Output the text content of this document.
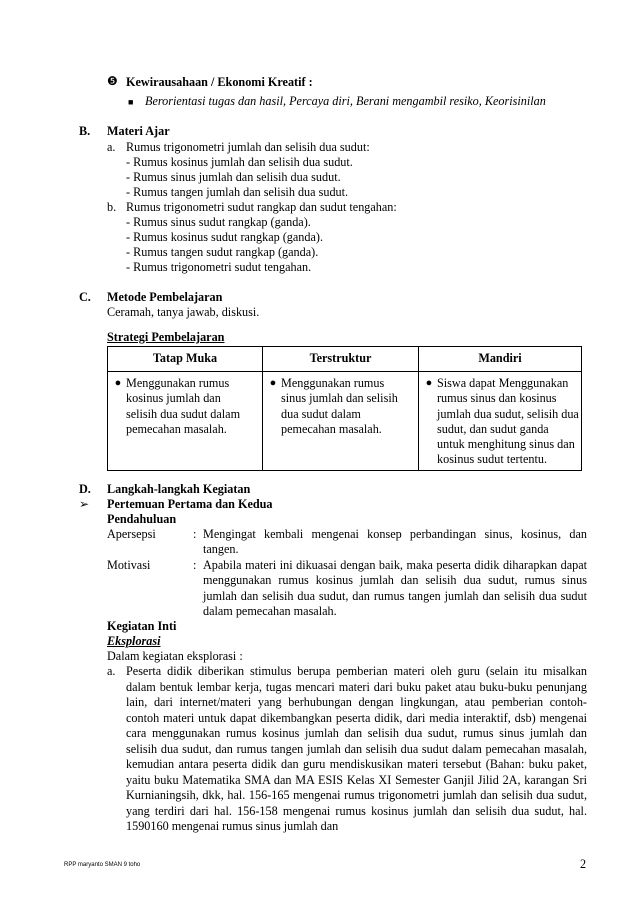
❺ Kewirausahaan / Ekonomi Kreatif :
■ Berorientasi tugas dan hasil, Percaya diri, Berani mengambil resiko, Keorisinilan
B. Materi Ajar
a. Rumus trigonometri jumlah dan selisih dua sudut:
- Rumus kosinus jumlah dan selisih dua sudut.
- Rumus sinus jumlah dan selisih dua sudut.
- Rumus tangen jumlah dan selisih dua sudut.
b. Rumus trigonometri sudut rangkap dan sudut tengahan:
- Rumus sinus sudut rangkap (ganda).
- Rumus kosinus sudut rangkap (ganda).
- Rumus tangen sudut rangkap (ganda).
- Rumus trigonometri sudut tengahan.
C. Metode Pembelajaran
Ceramah, tanya jawab, diskusi.
Strategi Pembelajaran
Tatap Muka	Terstruktur	Mandiri

● Menggunakan rumus kosinus jumlah dan selisih dua sudut dalam pemecahan masalah.	● Menggunakan rumus sinus jumlah dan selisih dua sudut dalam pemecahan masalah.	● Siswa dapat Menggunakan rumus sinus dan kosinus jumlah dua sudut, selisih dua sudut, dan sudut ganda untuk menghitung sinus dan kosinus sudut tertentu.
D. Langkah-langkah Kegiatan
➢ Pertemuan Pertama dan Kedua
Pendahuluan
Apersepsi	: Mengingat kembali mengenai konsep perbandingan sinus, kosinus, dan tangen.
Motivasi	: Apabila materi ini dikuasai dengan baik, maka peserta didik diharapkan dapat menggunakan rumus kosinus jumlah dan selisih dua sudut, rumus sinus jumlah dan selisih dua sudut, dan rumus tangen jumlah dan selisih dua sudut dalam pemecahan masalah.
Kegiatan Inti
Eksplorasi
Dalam kegiatan eksplorasi :
a. Peserta didik diberikan stimulus berupa pemberian materi oleh guru (selain itu misalkan dalam bentuk lembar kerja, tugas mencari materi dari buku paket atau buku-buku penunjang lain, dari internet/materi yang berhubungan dengan lingkungan, atau pemberian contoh-contoh materi untuk dapat dikembangkan peserta didik, dari media interaktif, dsb) mengenai cara menggunakan rumus kosinus jumlah dan selisih dua sudut, rumus sinus jumlah dan selisih dua sudut, dan rumus tangen jumlah dan selisih dua sudut dalam pemecahan masalah, kemudian antara peserta didik dan guru mendiskusikan materi tersebut (Bahan: buku paket, yaitu buku Matematika SMA dan MA ESIS Kelas XI Semester Ganjil Jilid 2A, karangan Sri Kurnianingsih, dkk, hal. 156-165 mengenai rumus trigonometri jumlah dan selisih dua sudut, yang terdiri dari hal. 156-158 mengenai rumus kosinus jumlah dan selisih dua sudut, hal. 1590160 mengenai rumus sinus jumlah dan
RPP maryanto SMAN 9 toho	2
